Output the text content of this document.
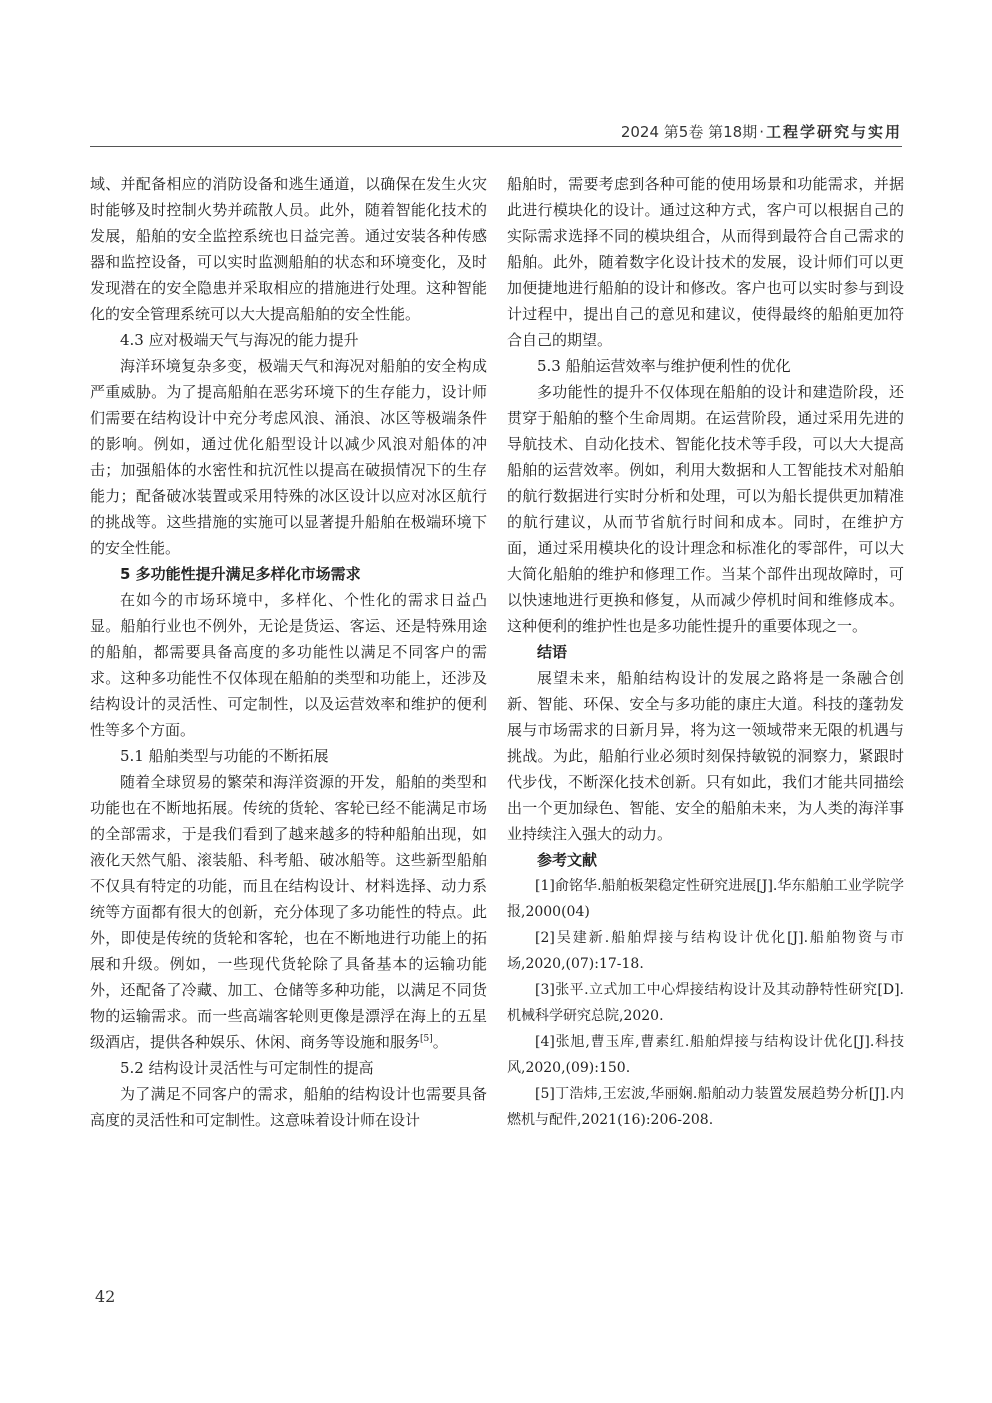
2024 第5卷 第18期 · 工程学研究与实用

域、并配备相应的消防设备和逃生通道，以确保在发生火灾时能够及时控制火势并疏散人员。此外，随着智能化技术的发展，船舶的安全监控系统也日益完善。通过安装各种传感器和监控设备，可以实时监测船舶的状态和环境变化，及时发现潜在的安全隐患并采取相应的措施进行处理。这种智能化的安全管理系统可以大大提高船舶的安全性能。

4.3 应对极端天气与海况的能力提升

海洋环境复杂多变，极端天气和海况对船舶的安全构成严重威胁。为了提高船舶在恶劣环境下的生存能力，设计师们需要在结构设计中充分考虑风浪、涌浪、冰区等极端条件的影响。例如，通过优化船型设计以减少风浪对船体的冲击；加强船体的水密性和抗沉性以提高在破损情况下的生存能力；配备破冰装置或采用特殊的冰区设计以应对冰区航行的挑战等。这些措施的实施可以显著提升船舶在极端环境下的安全性能。

5 多功能性提升满足多样化市场需求

在如今的市场环境中，多样化、个性化的需求日益凸显。船舶行业也不例外，无论是货运、客运、还是特殊用途的船舶，都需要具备高度的多功能性以满足不同客户的需求。这种多功能性不仅体现在船舶的类型和功能上，还涉及结构设计的灵活性、可定制性，以及运营效率和维护的便利性等多个方面。

5.1 船舶类型与功能的不断拓展

随着全球贸易的繁荣和海洋资源的开发，船舶的类型和功能也在不断地拓展。传统的货轮、客轮已经不能满足市场的全部需求，于是我们看到了越来越多的特种船舶出现，如液化天然气船、滚装船、科考船、破冰船等。这些新型船舶不仅具有特定的功能，而且在结构设计、材料选择、动力系统等方面都有很大的创新，充分体现了多功能性的特点。此外，即使是传统的货轮和客轮，也在不断地进行功能上的拓展和升级。例如，一些现代货轮除了具备基本的运输功能外，还配备了冷藏、加工、仓储等多种功能，以满足不同货物的运输需求。而一些高端客轮则更像是漂浮在海上的五星级酒店，提供各种娱乐、休闲、商务等设施和服务[5]。

5.2 结构设计灵活性与可定制性的提高

为了满足不同客户的需求，船舶的结构设计也需要具备高度的灵活性和可定制性。这意味着设计师在设计

船舶时，需要考虑到各种可能的使用场景和功能需求，并据此进行模块化的设计。通过这种方式，客户可以根据自己的实际需求选择不同的模块组合，从而得到最符合自己需求的船舶。此外，随着数字化设计技术的发展，设计师们可以更加便捷地进行船舶的设计和修改。客户也可以实时参与到设计过程中，提出自己的意见和建议，使得最终的船舶更加符合自己的期望。

5.3 船舶运营效率与维护便利性的优化

多功能性的提升不仅体现在船舶的设计和建造阶段，还贯穿于船舶的整个生命周期。在运营阶段，通过采用先进的导航技术、自动化技术、智能化技术等手段，可以大大提高船舶的运营效率。例如，利用大数据和人工智能技术对船舶的航行数据进行实时分析和处理，可以为船长提供更加精准的航行建议，从而节省航行时间和成本。同时，在维护方面，通过采用模块化的设计理念和标准化的零部件，可以大大简化船舶的维护和修理工作。当某个部件出现故障时，可以快速地进行更换和修复，从而减少停机时间和维修成本。这种便利的维护性也是多功能性提升的重要体现之一。

结语

展望未来，船舶结构设计的发展之路将是一条融合创新、智能、环保、安全与多功能的康庄大道。科技的蓬勃发展与市场需求的日新月异，将为这一领域带来无限的机遇与挑战。为此，船舶行业必须时刻保持敏锐的洞察力，紧跟时代步伐，不断深化技术创新。只有如此，我们才能共同描绘出一个更加绿色、智能、安全的船舶未来，为人类的海洋事业持续注入强大的动力。

参考文献

[1]俞铭华.船舶板架稳定性研究进展[J].华东船舶工业学院学报,2000(04)

[2]吴建新.船舶焊接与结构设计优化[J].船舶物资与市场,2020,(07):17-18.

[3]张平.立式加工中心焊接结构设计及其动静特性研究[D].机械科学研究总院,2020.

[4]张旭,曹玉库,曹素红.船舶焊接与结构设计优化[J].科技风,2020,(09):150.

[5]丁浩炜,王宏波,华丽娴.船舶动力装置发展趋势分析[J].内燃机与配件,2021(16):206-208.

42
